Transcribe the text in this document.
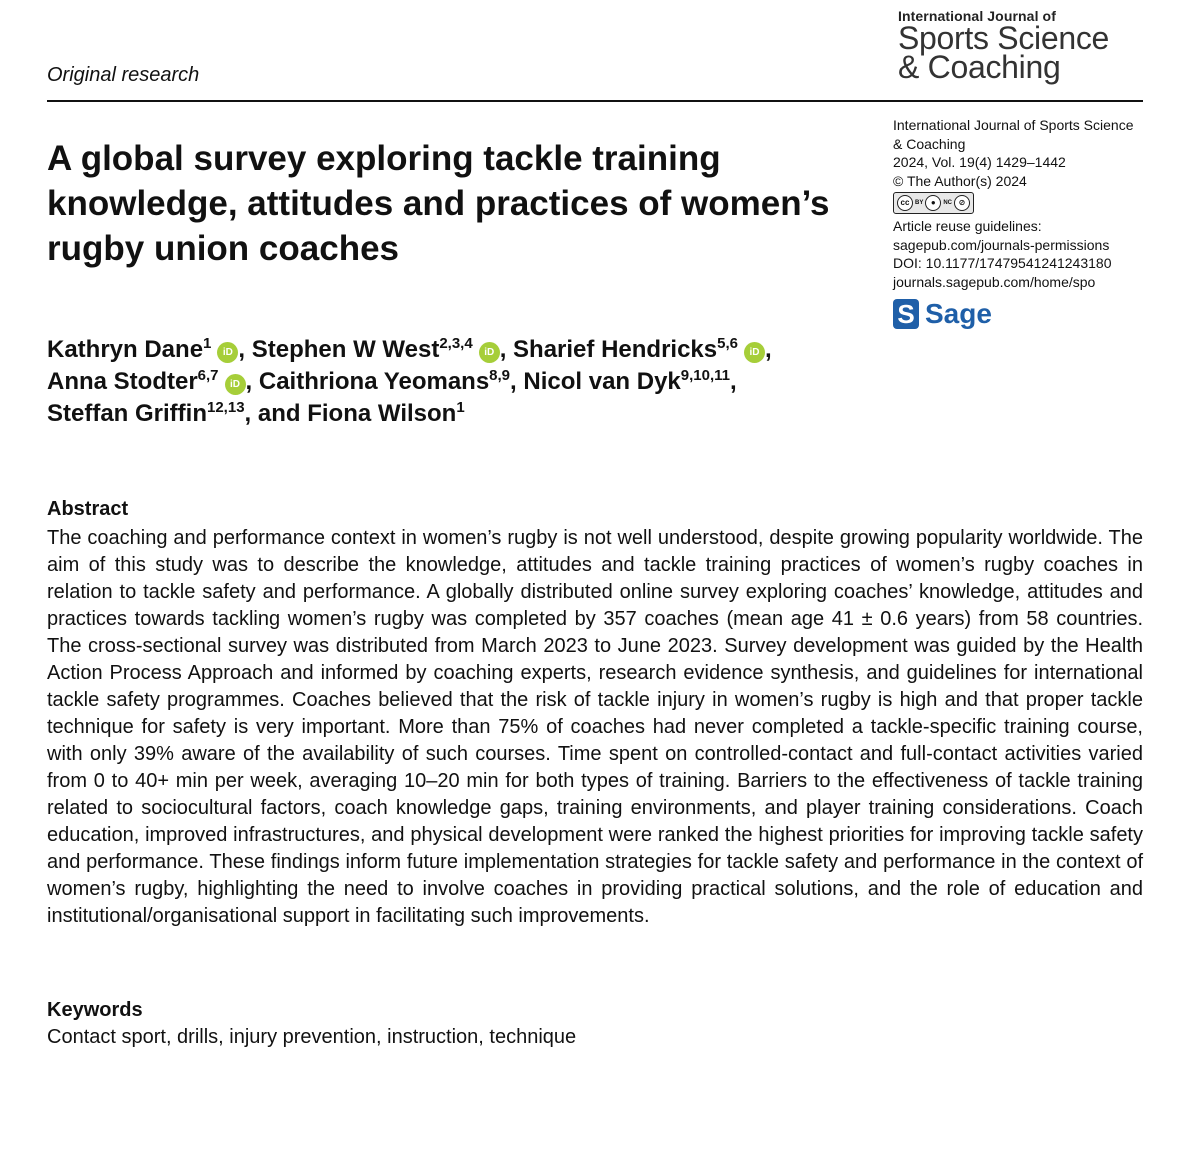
International Journal of
Sports Science
& Coaching
Original research
A global survey exploring tackle training knowledge, attitudes and practices of women’s rugby union coaches
International Journal of Sports Science
& Coaching
2024, Vol. 19(4) 1429–1442
© The Author(s) 2024
cc BY ●	NC ⊘
Article reuse guidelines:
sagepub.com/journals-permissions
DOI: 10.1177/17479541241243180
journals.sagepub.com/home/spo
S Sage
Kathryn Dane$^1$iD , Stephen W West$^{2,3,4}$iD , Sharief Hendricks$^{5,6}$iD ,
Anna Stodter$^{6,7}$iD , Caithriona Yeomans$^{8,9}$, Nicol van Dyk$^{9,10,11}$,
Steffan Griffin$^{12,13}$, and Fiona Wilson$^1$
Abstract

The coaching and performance context in women’s rugby is not well understood, despite growing popularity worldwide. The aim of this study was to describe the knowledge, attitudes and tackle training practices of women’s rugby coaches in relation to tackle safety and performance. A globally distributed online survey exploring coaches’ knowledge, attitudes and practices towards tackling women’s rugby was completed by 357 coaches (mean age 41 ± 0.6 years) from 58 countries. The cross-sectional survey was distributed from March 2023 to June 2023. Survey development was guided by the Health Action Process Approach and informed by coaching experts, research evidence synthesis, and guidelines for international tackle safety programmes. Coaches believed that the risk of tackle injury in women’s rugby is high and that proper tackle technique for safety is very important. More than 75% of coaches had never completed a tackle-specific training course, with only 39% aware of the availability of such courses. Time spent on controlled-contact and full-contact activities varied from 0 to 40+ min per week, averaging 10–20 min for both types of training. Barriers to the effectiveness of tackle training related to sociocultural factors, coach knowledge gaps, training environments, and player training considerations. Coach education, improved infrastructures, and physical development were ranked the highest priorities for improving tackle safety and performance. These findings inform future implementation strategies for tackle safety and performance in the context of women’s rugby, highlighting the need to involve coaches in providing practical solutions, and the role of education and institutional/organisational support in facilitating such improvements.

Keywords
Contact sport, drills, injury prevention, instruction, technique
